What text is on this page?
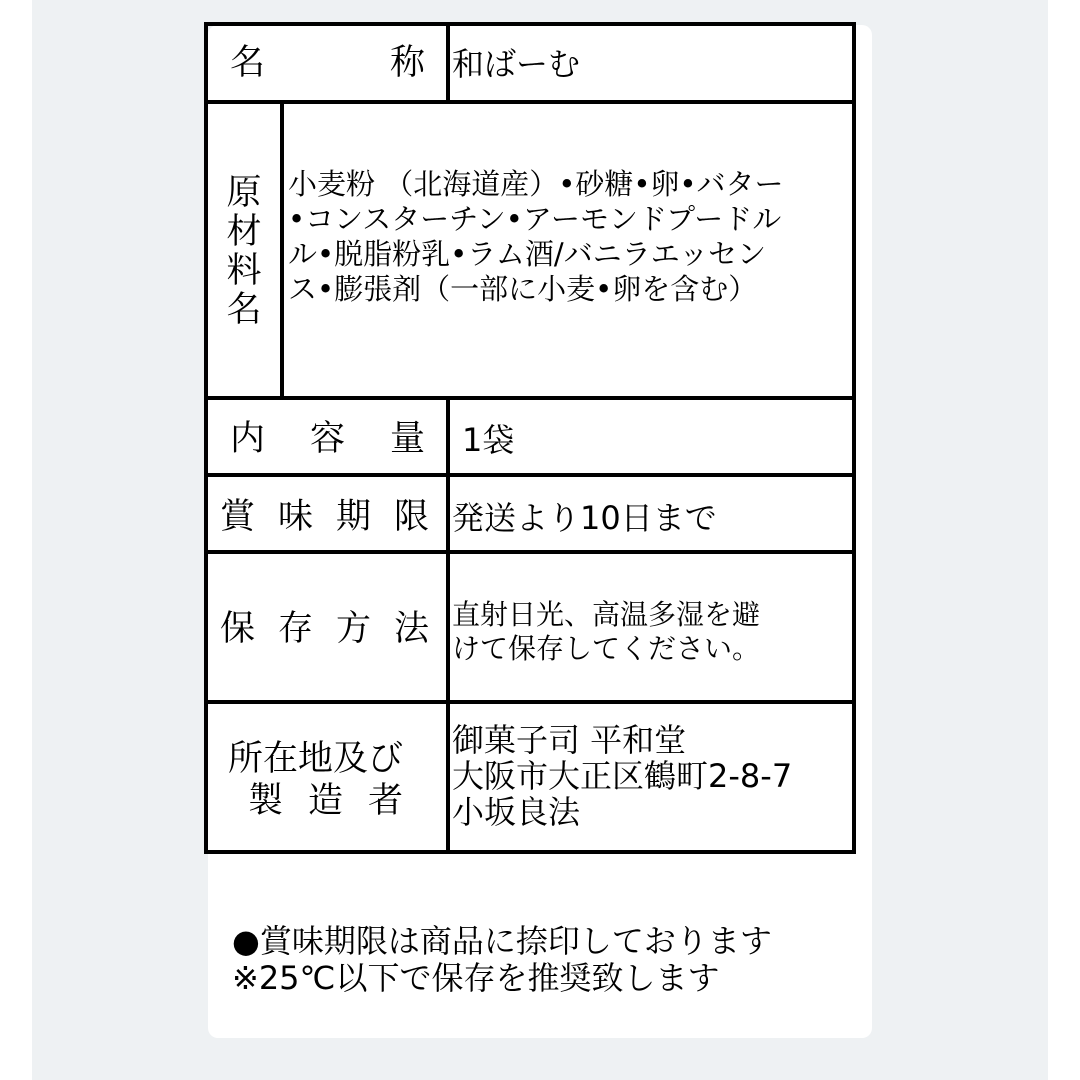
名	称 和ばーむ
原
材
料
名
小麦粉 （北海道産）•砂糖•卵•バター
•コンスターチン•アーモンドプードル
ル•脱脂粉乳•ラム酒/バニラエッセン
ス•膨張剤（一部に小麦•卵を含む）
内 容 量 1袋
賞 味 期 限 発送より10日まで
保 存 方 法 直射日光、高温多湿を避
けて保存してください。
所在地及び
製 造 者
御菓子司 平和堂
大阪市大正区鶴町2-8-7
小坂良法
●賞味期限は商品に捺印しております
※25℃以下で保存を推奨致します
